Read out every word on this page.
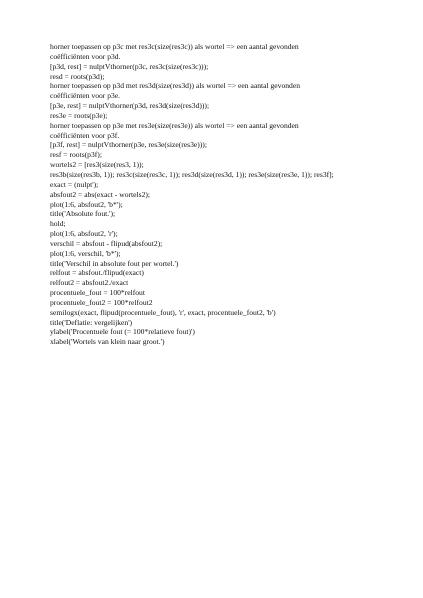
horner toepassen op p3c met res3c(size(res3c)) als wortel => een aantal gevonden
coëfficiënten voor p3d.
[p3d, rest] = nulptVthorner(p3c, res3c(size(res3c)));
resd = roots(p3d);
horner toepassen op p3d met res3d(size(res3d)) als wortel => een aantal gevonden
coëfficiënten voor p3e.
[p3e, rest] = nulptVthorner(p3d, res3d(size(res3d)));
res3e = roots(p3e);
horner toepassen op p3e met res3e(size(res3e)) als wortel => een aantal gevonden
coëfficiënten voor p3f.
[p3f, rest] = nulptVthorner(p3e, res3e(size(res3e)));
resf = roots(p3f);
wortels2 = [res3(size(res3, 1));
res3b(size(res3b, 1)); res3c(size(res3c, 1)); res3d(size(res3d, 1)); res3e(size(res3e, 1)); res3f];
exact = (nulpt');
absfout2 = abs(exact - wortels2);
plot(1:6, absfout2, 'b*');
title('Absolute fout.');
hold;
plot(1:6, absfout2, 'r');
verschil = absfout - flipud(absfout2);
plot(1:6, verschil, 'b*');
title('Verschil in absolute fout per wortel.')
relfout = absfout./flipud(exact)
relfout2 = absfout2./exact
procentuele_fout = 100*relfout
procentuele_fout2 = 100*relfout2
semilogx(exact, flipud(procentuele_fout), 'r', exact, procentuele_fout2, 'b')
title('Deflatie: vergelijken')
ylabel('Procentuele fout (= 100*relatieve fout)')
xlabel('Wortels van klein naar groot.')
